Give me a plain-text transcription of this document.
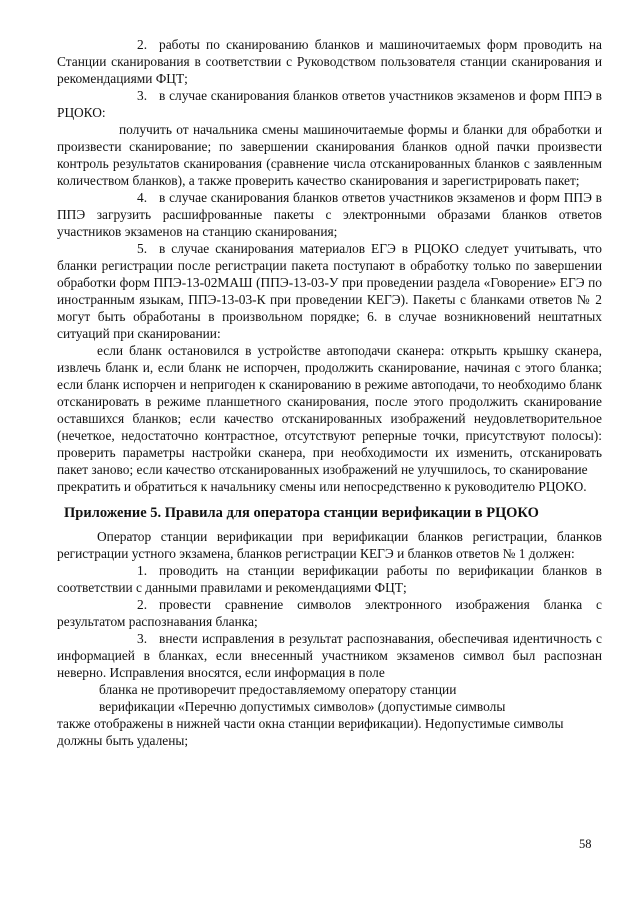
2. работы по сканированию бланков и машиночитаемых форм проводить на Станции сканирования в соответствии с Руководством пользователя станции сканирования и рекомендациями ФЦТ;

3. в случае сканирования бланков ответов участников экзаменов и форм ППЭ в РЦОКО:

получить от начальника смены машиночитаемые формы и бланки для обработки и произвести сканирование; по завершении сканирования бланков одной пачки произвести контроль результатов сканирования (сравнение числа отсканированных бланков с заявленным количеством бланков), а также проверить качество сканирования и зарегистрировать пакет;

4. в случае сканирования бланков ответов участников экзаменов и форм ППЭ в ППЭ загрузить расшифрованные пакеты с электронными образами бланков ответов участников экзаменов на станцию сканирования;

5. в случае сканирования материалов ЕГЭ в РЦОКО следует учитывать, что бланки регистрации после регистрации пакета поступают в обработку только по завершении обработки форм ППЭ-13-02МАШ (ППЭ-13-03-У при проведении раздела «Говорение» ЕГЭ по иностранным языкам, ППЭ-13-03-К при проведении КЕГЭ). Пакеты с бланками ответов № 2 могут быть обработаны в произвольном порядке; 6. в случае возникновений нештатных ситуаций при сканировании:

если бланк остановился в устройстве автоподачи сканера: открыть крышку сканера, извлечь бланк и, если бланк не испорчен, продолжить сканирование, начиная с этого бланка; если бланк испорчен и непригоден к сканированию в режиме автоподачи, то необходимо бланк отсканировать в режиме планшетного сканирования, после этого продолжить сканирование оставшихся бланков; если качество отсканированных изображений неудовлетворительное (нечеткое, недостаточно контрастное, отсутствуют реперные точки, присутствуют полосы): проверить параметры настройки сканера, при необходимости их изменить, отсканировать пакет заново; если качество отсканированных изображений не улучшилось, то сканирование

прекратить и обратиться к начальнику смены или непосредственно к руководителю РЦОКО.

Приложение 5. Правила для оператора станции верификации в РЦОКО

Оператор станции верификации при верификации бланков регистрации, бланков регистрации устного экзамена, бланков регистрации КЕГЭ и бланков ответов № 1 должен:

1. проводить на станции верификации работы по верификации бланков в соответствии с данными правилами и рекомендациями ФЦТ;

2. провести сравнение символов электронного изображения бланка с результатом распознавания бланка;

3. внести исправления в результат распознавания, обеспечивая идентичность с информацией в бланках, если внесенный участником экзаменов символ был распознан неверно. Исправления вносятся, если информация в поле

бланка не противоречит предоставляемому оператору станции

верификации «Перечню допустимых символов» (допустимые символы

также отображены в нижней части окна станции верификации). Недопустимые символы должны быть удалены;

58
